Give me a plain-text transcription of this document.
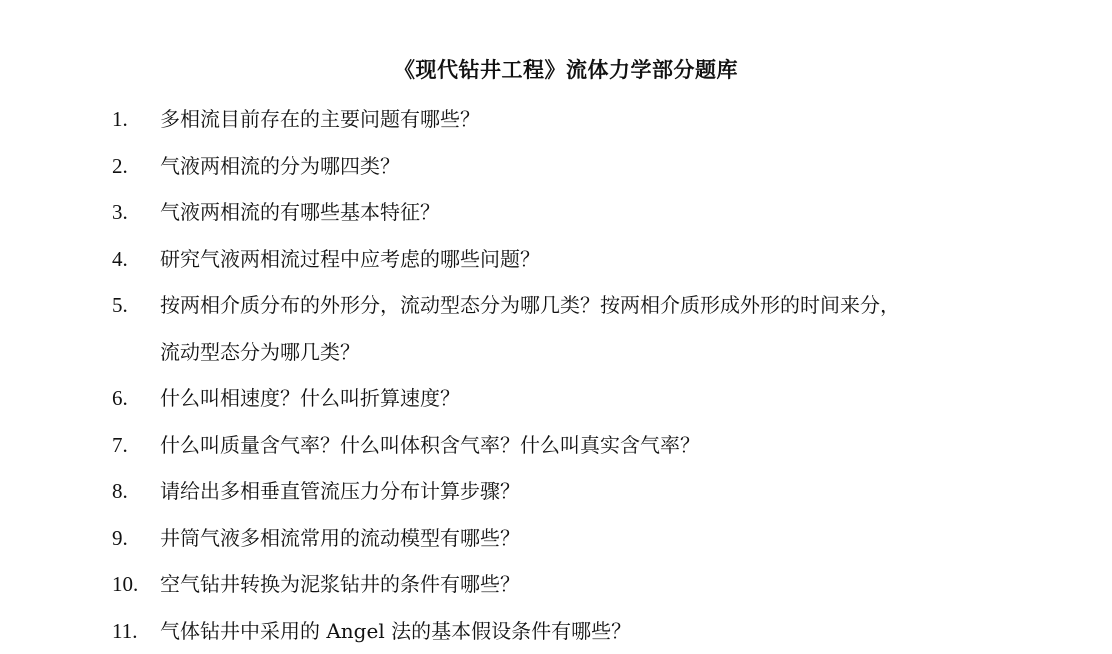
《现代钻井工程》流体力学部分题库
1.	多相流目前存在的主要问题有哪些？
2.	气液两相流的分为哪四类？
3.	气液两相流的有哪些基本特征？
4.	研究气液两相流过程中应考虑的哪些问题？
5.	按两相介质分布的外形分，流动型态分为哪几类？按两相介质形成外形的时间来分，
流动型态分为哪几类？
6.	什么叫相速度？什么叫折算速度？
7.	什么叫质量含气率？什么叫体积含气率？什么叫真实含气率？
8.	请给出多相垂直管流压力分布计算步骤？
9.	井筒气液多相流常用的流动模型有哪些？
10.	空气钻井转换为泥浆钻井的条件有哪些？
11.	气体钻井中采用的 Angel 法的基本假设条件有哪些？
